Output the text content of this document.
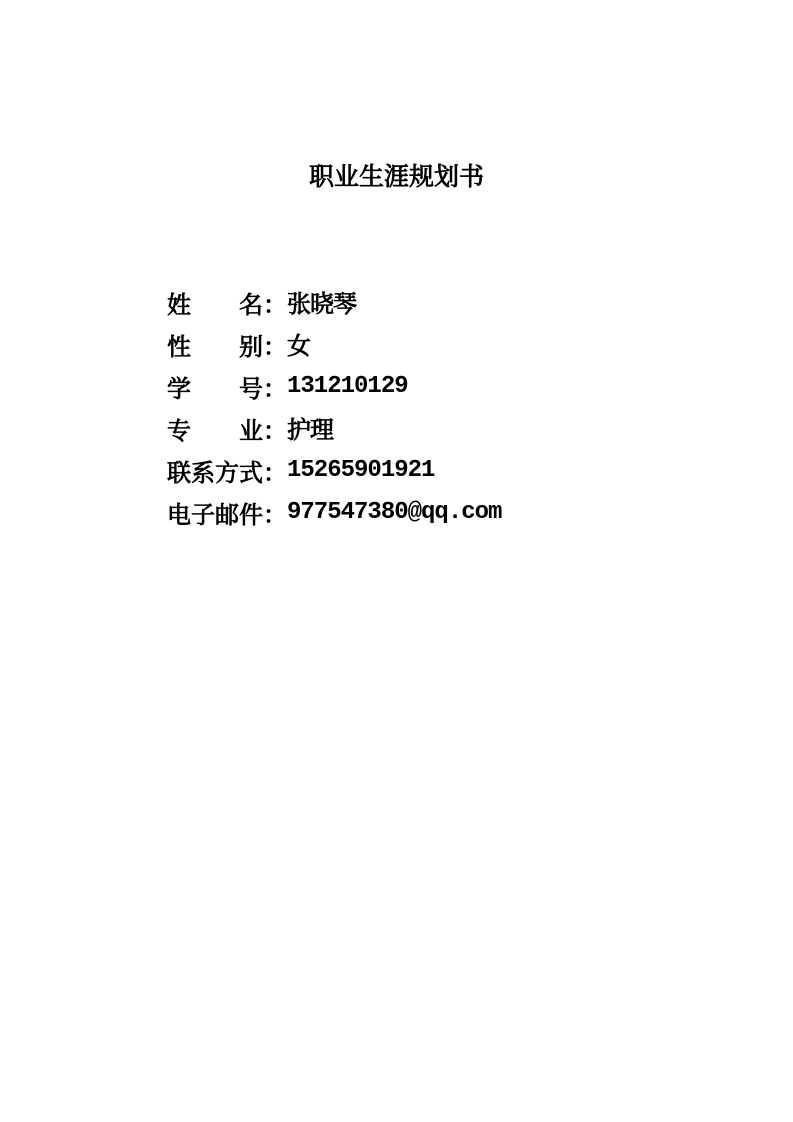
职业生涯规划书
姓名 ： 张晓琴
性别 ： 女
学号 ： 131210129
专业 ： 护理
联系方式 ： 15265901921
电子邮件 ： 977547380@qq.com
